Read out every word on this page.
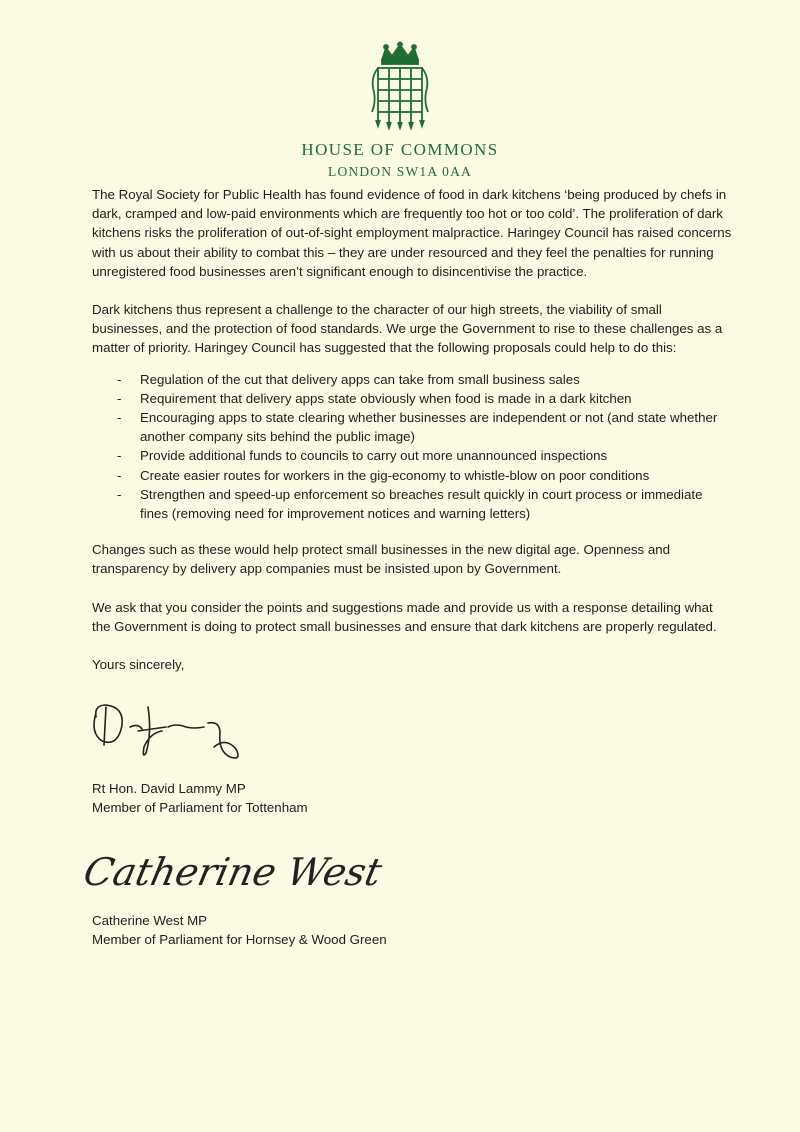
HOUSE OF COMMONS
LONDON SW1A 0AA

The Royal Society for Public Health has found evidence of food in dark kitchens ‘being produced by chefs in dark, cramped and low-paid environments which are frequently too hot or too cold’. The proliferation of dark kitchens risks the proliferation of out-of-sight employment malpractice. Haringey Council has raised concerns with us about their ability to combat this – they are under resourced and they feel the penalties for running unregistered food businesses aren’t significant enough to disincentivise the practice.

Dark kitchens thus represent a challenge to the character of our high streets, the viability of small businesses, and the protection of food standards. We urge the Government to rise to these challenges as a matter of priority. Haringey Council has suggested that the following proposals could help to do this:

- Regulation of the cut that delivery apps can take from small business sales
- Requirement that delivery apps state obviously when food is made in a dark kitchen
- Encouraging apps to state clearing whether businesses are independent or not (and state whether another company sits behind the public image)
- Provide additional funds to councils to carry out more unannounced inspections
- Create easier routes for workers in the gig-economy to whistle-blow on poor conditions
- Strengthen and speed-up enforcement so breaches result quickly in court process or immediate fines (removing need for improvement notices and warning letters)

Changes such as these would help protect small businesses in the new digital age. Openness and transparency by delivery app companies must be insisted upon by Government.

We ask that you consider the points and suggestions made and provide us with a response detailing what the Government is doing to protect small businesses and ensure that dark kitchens are properly regulated.

Yours sincerely,

Rt Hon. David Lammy MP
Member of Parliament for Tottenham

Catherine West

Catherine West MP
Member of Parliament for Hornsey & Wood Green
